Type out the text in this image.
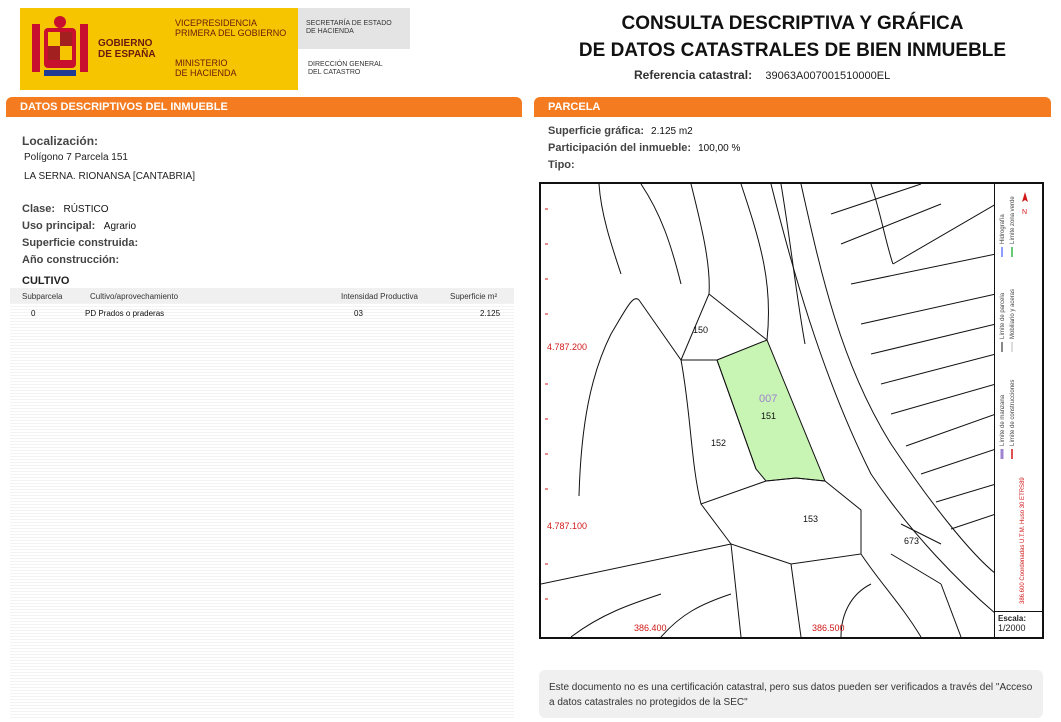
GOBIERNO
DE ESPAÑA
VICEPRESIDENCIA
PRIMERA DEL GOBIERNO
MINISTERIO
DE HACIENDA
SECRETARÍA DE ESTADO
DE HACIENDA
DIRECCIÓN GENERAL
DEL CATASTRO
CONSULTA DESCRIPTIVA Y GRÁFICA
DE DATOS CATASTRALES DE BIEN INMUEBLE
Referencia catastral: 39063A007001510000EL
DATOS DESCRIPTIVOS DEL INMUEBLE	PARCELA
Localización:
Polígono 7 Parcela 151
LA SERNA. RIONANSA [CANTABRIA]
Clase: RÚSTICO
Uso principal: Agrario
Superficie construida:
Año construcción:
CULTIVO
Subparcela	Cultivo/aprovechamiento	Intensidad Productiva	Superficie m²
0	PD Prados o praderas	03	2.125
Superficie gráfica: 2.125 m2
Participación del inmueble: 100,00 %
Tipo:
4.787.200
4.787.100
386.400	386.500
150
151
152
153
673
007	Límite de manzana Límite de construcciones
Límite de parcela Mobiliario y aceras
Hidrografía Límite zona verde
386.600 Coordenadas U.T.M. Huso 30 ETRS89
N
Escala:
1/2000
Este documento no es una certificación catastral, pero sus datos pueden ser verificados a través del "Acceso a datos catastrales no protegidos de la SEC"
